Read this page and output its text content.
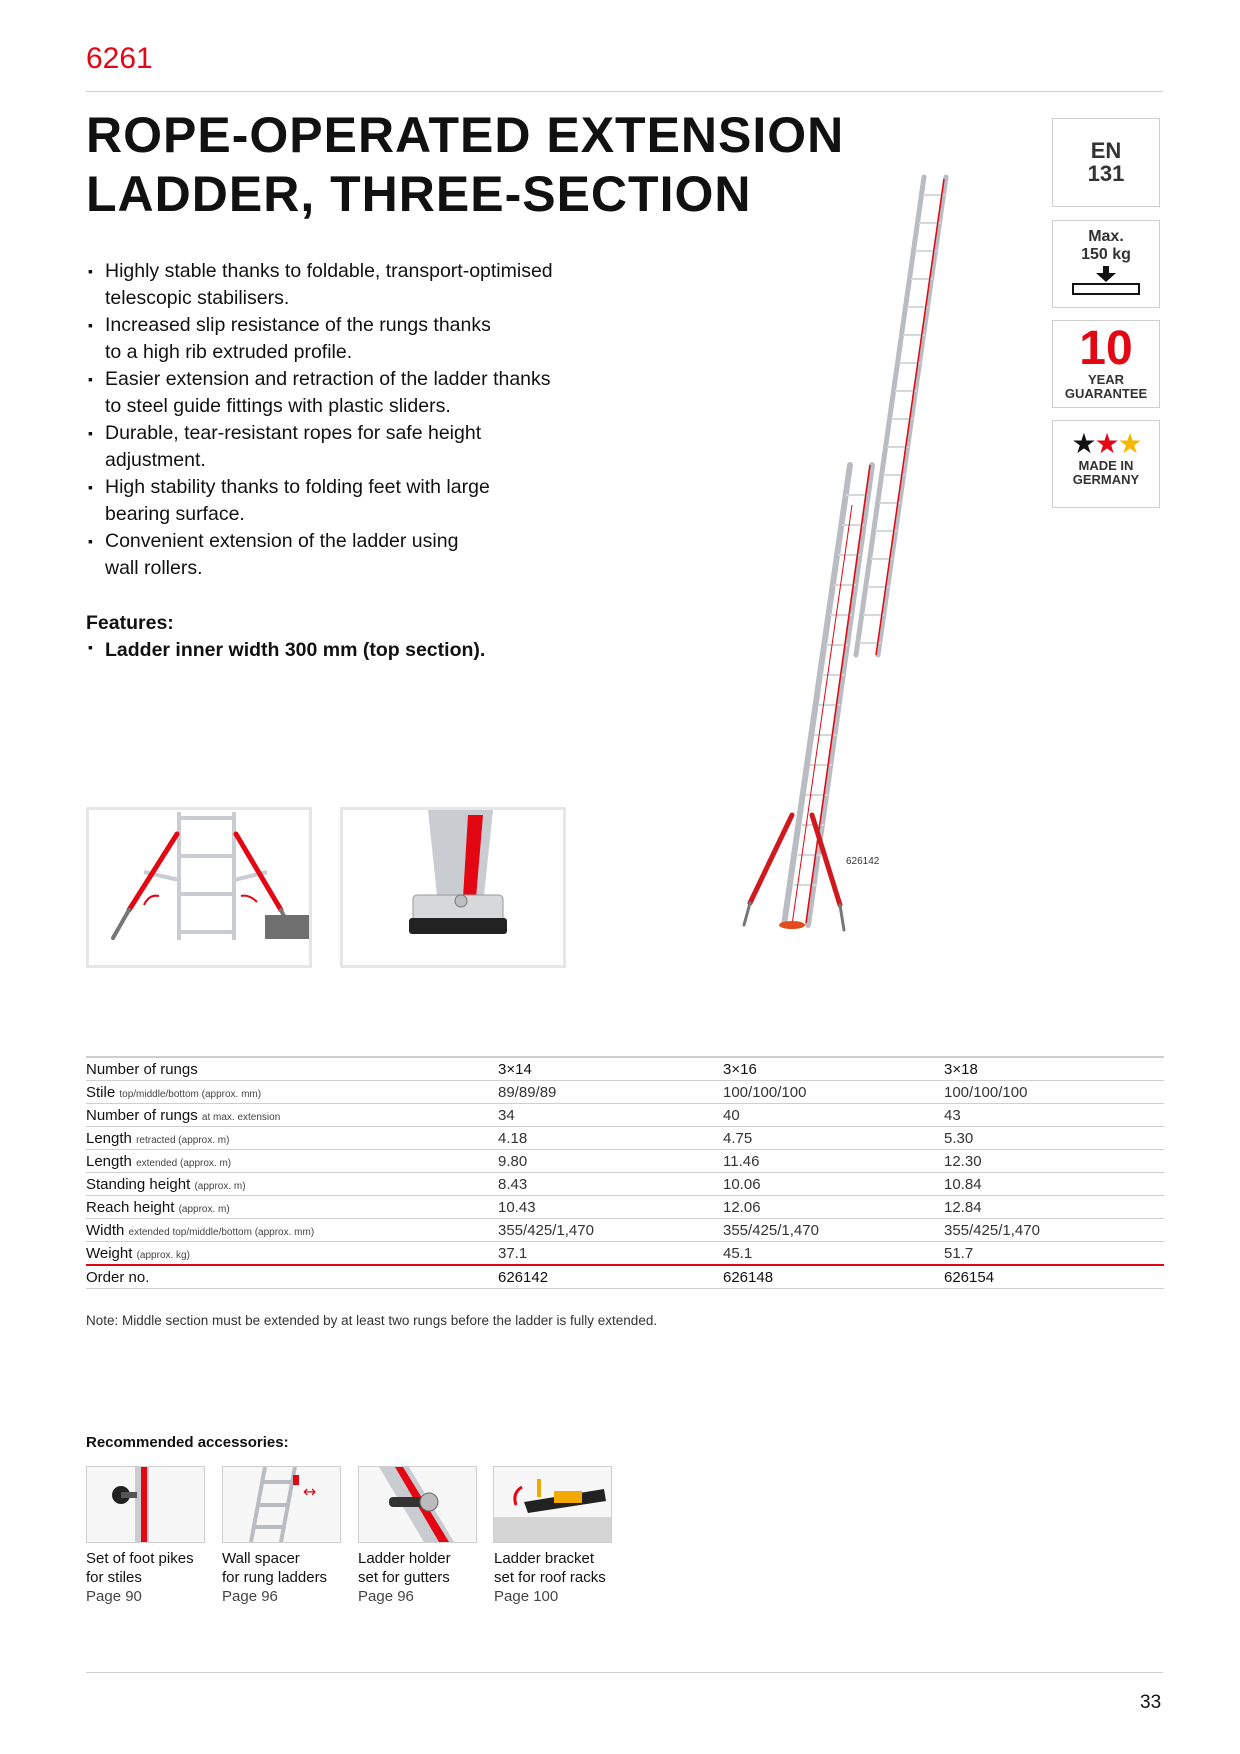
6261
ROPE-OPERATED EXTENSION
LADDER, THREE-SECTION
▪ Highly stable thanks to foldable, transport-optimised
telescopic stabilisers.
▪ Increased slip resistance of the rungs thanks
to a high rib extruded profile.
▪ Easier extension and retraction of the ladder thanks
to steel guide fittings with plastic sliders.
▪ Durable, tear-resistant ropes for safe height
adjustment.
▪ High stability thanks to folding feet with large
bearing surface.
▪ Convenient extension of the ladder using
wall rollers.
Features:
▪ Ladder inner width 300 mm (top section).
EN
131
Max.
150 kg
10
YEAR
GUARANTEE
★★★
MADE IN
GERMANY
626142
Number of rungs	3×14	3×16	3×18
Stile top/middle/bottom (approx. mm)	89/89/89	100/100/100	100/100/100
Number of rungs at max. extension	34	40	43
Length retracted (approx. m)	4.18	4.75	5.30
Length extended (approx. m)	9.80	11.46	12.30
Standing height (approx. m)	8.43	10.06	10.84
Reach height (approx. m)	10.43	12.06	12.84
Width extended top/middle/bottom (approx. mm)	355/425/1,470	355/425/1,470	355/425/1,470
Weight (approx. kg)	37.1	45.1	51.7
Order no.	626142	626148	626154
Note: Middle section must be extended by at least two rungs before the ladder is fully extended.
Recommended accessories:
↔
Set of foot pikes
for stiles
Page 90
Wall spacer
for rung ladders
Page 96
Ladder holder
set for gutters
Page 96
Ladder bracket
set for roof racks
Page 100
33
